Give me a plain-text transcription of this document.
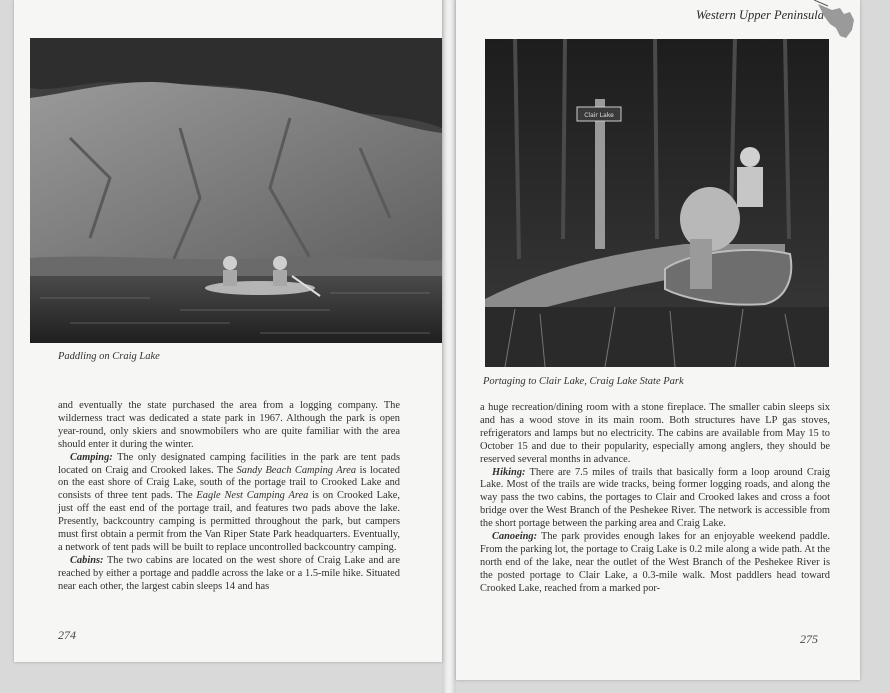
Paddling on Craig Lake

and eventually the state purchased the area from a logging company. The wilderness tract was dedicated a state park in 1967. Although the park is open year-round, only skiers and snowmobilers who are quite familiar with the area should enter it during the winter.

Camping: The only designated camping facilities in the park are tent pads located on Craig and Crooked lakes. The Sandy Beach Camping Area is located on the east shore of Craig Lake, south of the portage trail to Crooked Lake and consists of three tent pads. The Eagle Nest Camping Area is on Crooked Lake, just off the east end of the portage trail, and features two pads above the lake. Presently, backcountry camping is permitted throughout the park, but campers must first obtain a permit from the Van Riper State Park headquarters. Eventually, a network of tent pads will be built to replace uncontrolled backcountry camping.

Cabins: The two cabins are located on the west shore of Craig Lake and are reached by either a portage and paddle across the lake or a 1.5-mile hike. Situated near each other, the largest cabin sleeps 14 and has

274
Western Upper Peninsula
Clair Lake
Portaging to Clair Lake, Craig Lake State Park

a huge recreation/dining room with a stone fireplace. The smaller cabin sleeps six and has a wood stove in its main room. Both structures have LP gas stoves, refrigerators and lamps but no electricity. The cabins are available from May 15 to October 15 and due to their popularity, especially among anglers, they should be reserved several months in advance.

Hiking: There are 7.5 miles of trails that basically form a loop around Craig Lake. Most of the trails are wide tracks, being former logging roads, and along the way pass the two cabins, the portages to Clair and Crooked lakes and cross a foot bridge over the West Branch of the Peshekee River. The network is accessible from the short portage between the parking area and Craig Lake.

Canoeing: The park provides enough lakes for an enjoyable weekend paddle. From the parking lot, the portage to Craig Lake is 0.2 mile along a wide path. At the north end of the lake, near the outlet of the West Branch of the Peshekee River is the posted portage to Clair Lake, a 0.3-mile walk. Most paddlers head toward Crooked Lake, reached from a marked por-

275
